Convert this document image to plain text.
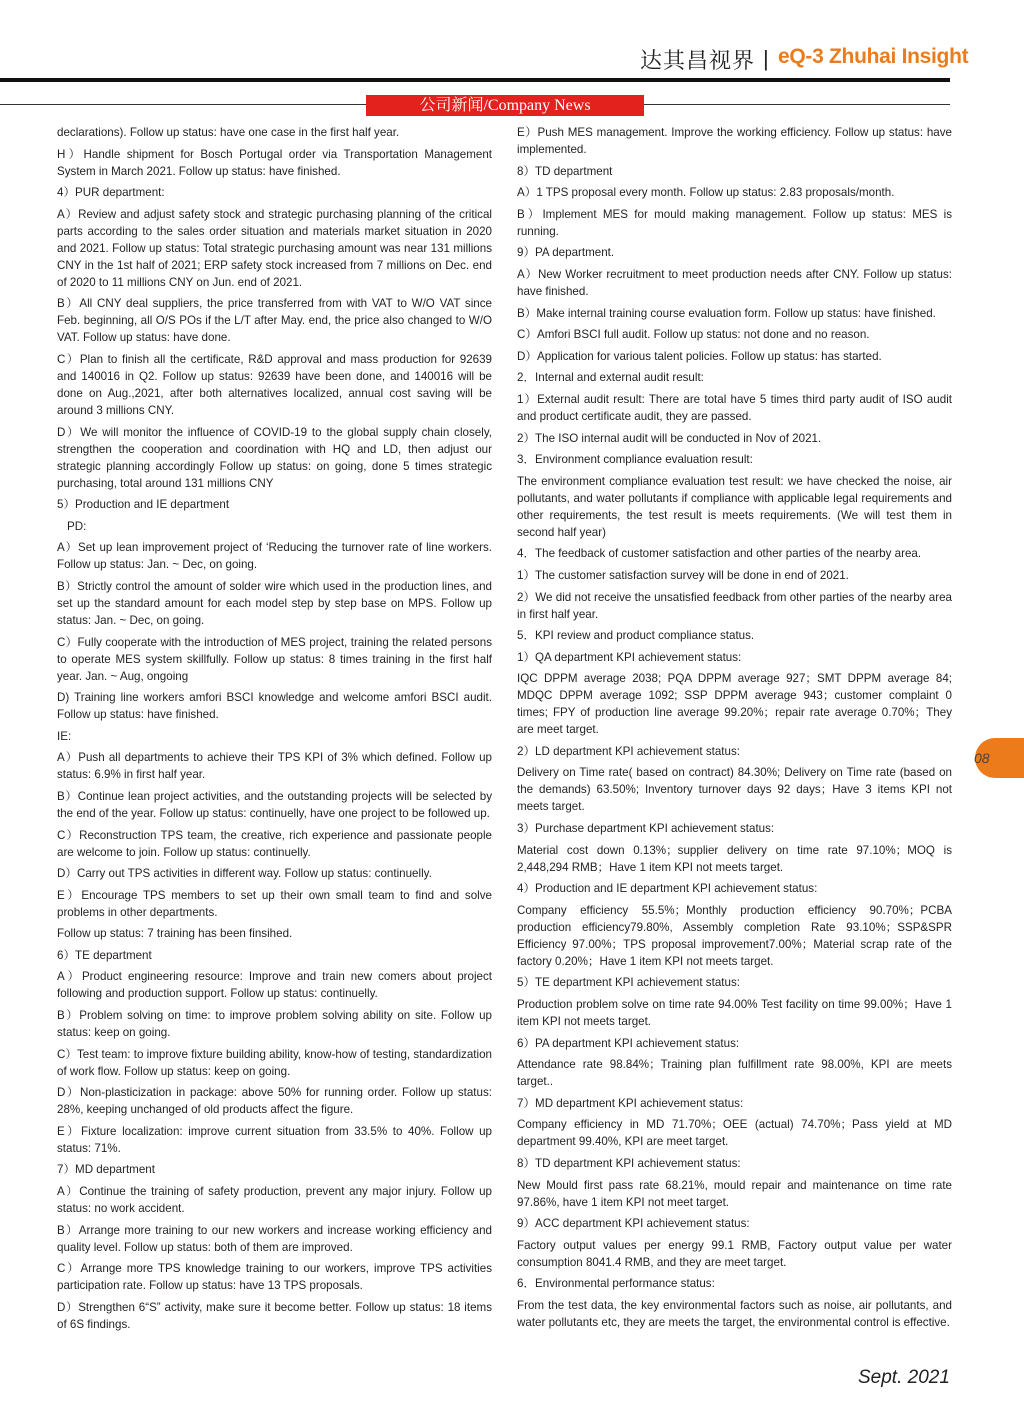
达其昌视界 | eQ-3 Zhuhai Insight
公司新闻/Company News

declarations). Follow up status: have one case in the first half year.

H）Handle shipment for Bosch Portugal order via Transportation Management System in March 2021. Follow up status: have finished.

4）PUR department:

A）Review and adjust safety stock and strategic purchasing planning of the critical parts according to the sales order situation and materials market situation in 2020 and 2021. Follow up status: Total strategic purchasing amount was near 131 millions CNY in the 1st half of 2021; ERP safety stock increased from 7 millions on Dec. end of 2020 to 11 millions CNY on Jun. end of 2021.

B）All CNY deal suppliers, the price transferred from with VAT to W/O VAT since Feb. beginning, all O/S POs if the L/T after May. end, the price also changed to W/O VAT. Follow up status: have done.

C）Plan to finish all the certificate, R&D approval and mass production for 92639 and 140016 in Q2. Follow up status: 92639 have been done, and 140016 will be done on Aug.,2021, after both alternatives localized, annual cost saving will be around 3 millions CNY.

D）We will monitor the influence of COVID-19 to the global supply chain closely, strengthen the cooperation and coordination with HQ and LD, then adjust our strategic planning accordingly Follow up status: on going, done 5 times strategic purchasing, total around 131 millions CNY

5）Production and IE department

PD:

A）Set up lean improvement project of ‘Reducing the turnover rate of line workers. Follow up status: Jan. ~ Dec, on going.

B）Strictly control the amount of solder wire which used in the production lines, and set up the standard amount for each model step by step base on MPS. Follow up status: Jan. ~ Dec, on going.

C）Fully cooperate with the introduction of MES project, training the related persons to operate MES system skillfully. Follow up status: 8 times training in the first half year. Jan. ~ Aug, ongoing

D) Training line workers amfori BSCI knowledge and welcome amfori BSCI audit. Follow up status: have finished.

IE:

A）Push all departments to achieve their TPS KPI of 3% which defined. Follow up status: 6.9% in first half year.

B）Continue lean project activities, and the outstanding projects will be selected by the end of the year. Follow up status: continuelly, have one project to be followed up.

C）Reconstruction TPS team, the creative, rich experience and passionate people are welcome to join. Follow up status: continuelly.

D）Carry out TPS activities in different way. Follow up status: continuelly.

E）Encourage TPS members to set up their own small team to find and solve problems in other departments.

Follow up status: 7 training has been finsihed.

6）TE department

A）Product engineering resource: Improve and train new comers about project following and production support. Follow up status: continuelly.

B）Problem solving on time: to improve problem solving ability on site. Follow up status: keep on going.

C）Test team: to improve fixture building ability, know-how of testing, standardization of work flow. Follow up status: keep on going.

D）Non-plasticization in package: above 50% for running order. Follow up status: 28%, keeping unchanged of old products affect the figure.

E）Fixture localization: improve current situation from 33.5% to 40%. Follow up status: 71%.

7）MD department

A）Continue the training of safety production, prevent any major injury. Follow up status: no work accident.

B）Arrange more training to our new workers and increase working efficiency and quality level. Follow up status: both of them are improved.

C）Arrange more TPS knowledge training to our workers, improve TPS activities participation rate. Follow up status: have 13 TPS proposals.

D）Strengthen 6“S” activity, make sure it become better. Follow up status: 18 items of 6S findings.

E）Push MES management. Improve the working efficiency. Follow up status: have implemented.

8）TD department

A）1 TPS proposal every month. Follow up status: 2.83 proposals/month.

B）Implement MES for mould making management. Follow up status: MES is running.

9）PA department.

A）New Worker recruitment to meet production needs after CNY. Follow up status: have finished.

B）Make internal training course evaluation form. Follow up status: have finished.

C）Amfori BSCI full audit. Follow up status: not done and no reason.

D）Application for various talent policies. Follow up status: has started.

2．Internal and external audit result:

1）External audit result: There are total have 5 times third party audit of ISO audit and product certificate audit, they are passed.

2）The ISO internal audit will be conducted in Nov of 2021.

3．Environment compliance evaluation result:

The environment compliance evaluation test result: we have checked the noise, air pollutants, and water pollutants if compliance with applicable legal requirements and other requirements, the test result is meets requirements. (We will test them in second half year)

4．The feedback of customer satisfaction and other parties of the nearby area.

1）The customer satisfaction survey will be done in end of 2021.

2）We did not receive the unsatisfied feedback from other parties of the nearby area in first half year.

5．KPI review and product compliance status.

1）QA department KPI achievement status:

IQC DPPM average 2038; PQA DPPM average 927；SMT DPPM average 84; MDQC DPPM average 1092; SSP DPPM average 943；customer complaint 0 times; FPY of production line average 99.20%；repair rate average 0.70%；They are meet target.

2）LD department KPI achievement status:

Delivery on Time rate( based on contract) 84.30%; Delivery on Time rate (based on the demands) 63.50%; Inventory turnover days 92 days；Have 3 items KPI not meets target.

3）Purchase department KPI achievement status:

Material cost down 0.13%；supplier delivery on time rate 97.10%；MOQ is 2,448,294 RMB；Have 1 item KPI not meets target.

4）Production and IE department KPI achievement status:

Company efficiency 55.5%；Monthly production efficiency 90.70%；PCBA production efficiency79.80%, Assembly completion Rate 93.10%；SSP&SPR Efficiency 97.00%；TPS proposal improvement7.00%；Material scrap rate of the factory 0.20%；Have 1 item KPI not meets target.

5）TE department KPI achievement status:

Production problem solve on time rate 94.00% Test facility on time 99.00%；Have 1 item KPI not meets target.

6）PA department KPI achievement status:

Attendance rate 98.84%；Training plan fulfillment rate 98.00%, KPI are meets target..

7）MD department KPI achievement status:

Company efficiency in MD 71.70%；OEE (actual) 74.70%；Pass yield at MD department 99.40%, KPI are meet target.

8）TD department KPI achievement status:

New Mould first pass rate 68.21%, mould repair and maintenance on time rate 97.86%, have 1 item KPI not meet target.

9）ACC department KPI achievement status:

Factory output values per energy 99.1 RMB, Factory output value per water consumption 8041.4 RMB, and they are meet target.

6．Environmental performance status:

From the test data, the key environmental factors such as noise, air pollutants, and water pollutants etc, they are meets the target, the environmental control is effective.

08
Sept. 2021
